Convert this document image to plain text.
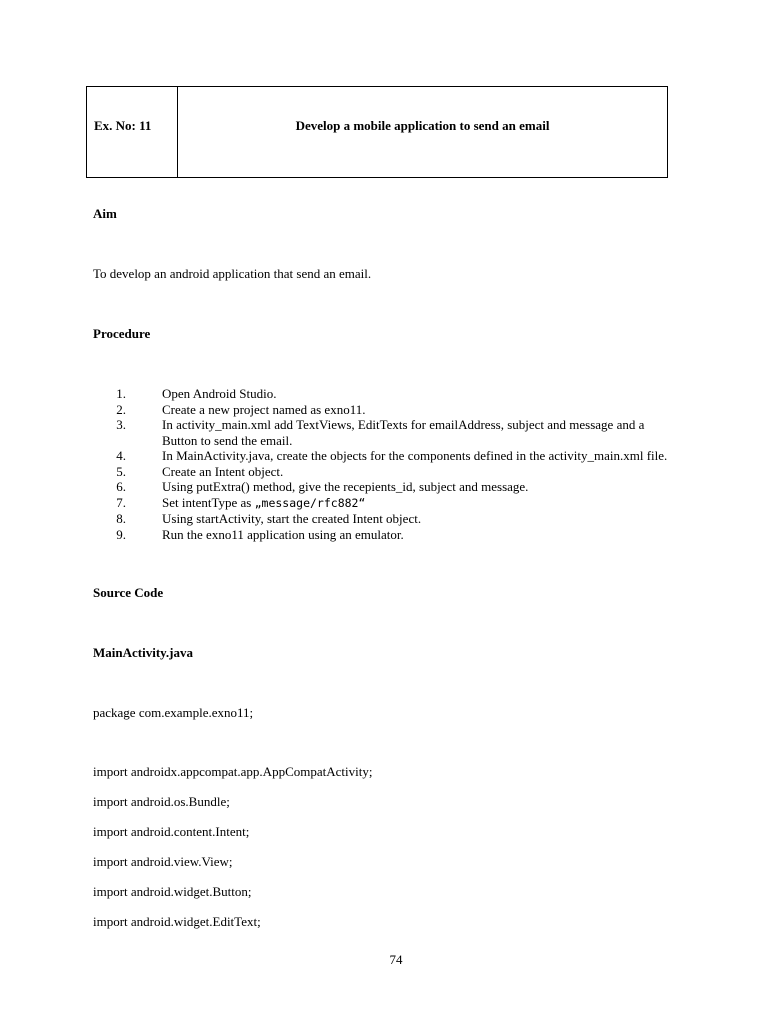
Ex. No: 11	Develop a mobile application to send an email
Aim
To develop an android application that send an email.
Procedure
1.	Open Android Studio.
2.	Create a new project named as exno11.
3.	In activity_main.xml add TextViews, EditTexts for emailAddress, subject and message and a Button to send the email.
4.	In MainActivity.java, create the objects for the components defined in the activity_main.xml file.
5.	Create an Intent object.
6.	Using putExtra() method, give the recepients_id, subject and message.
7.	Set intentType as „message/rfc882“
8.	Using startActivity, start the created Intent object.
9.	Run the exno11 application using an emulator.
Source Code
MainActivity.java
package com.example.exno11;
import androidx.appcompat.app.AppCompatActivity;
import android.os.Bundle;
import android.content.Intent;
import android.view.View;
import android.widget.Button;
import android.widget.EditText;
74
